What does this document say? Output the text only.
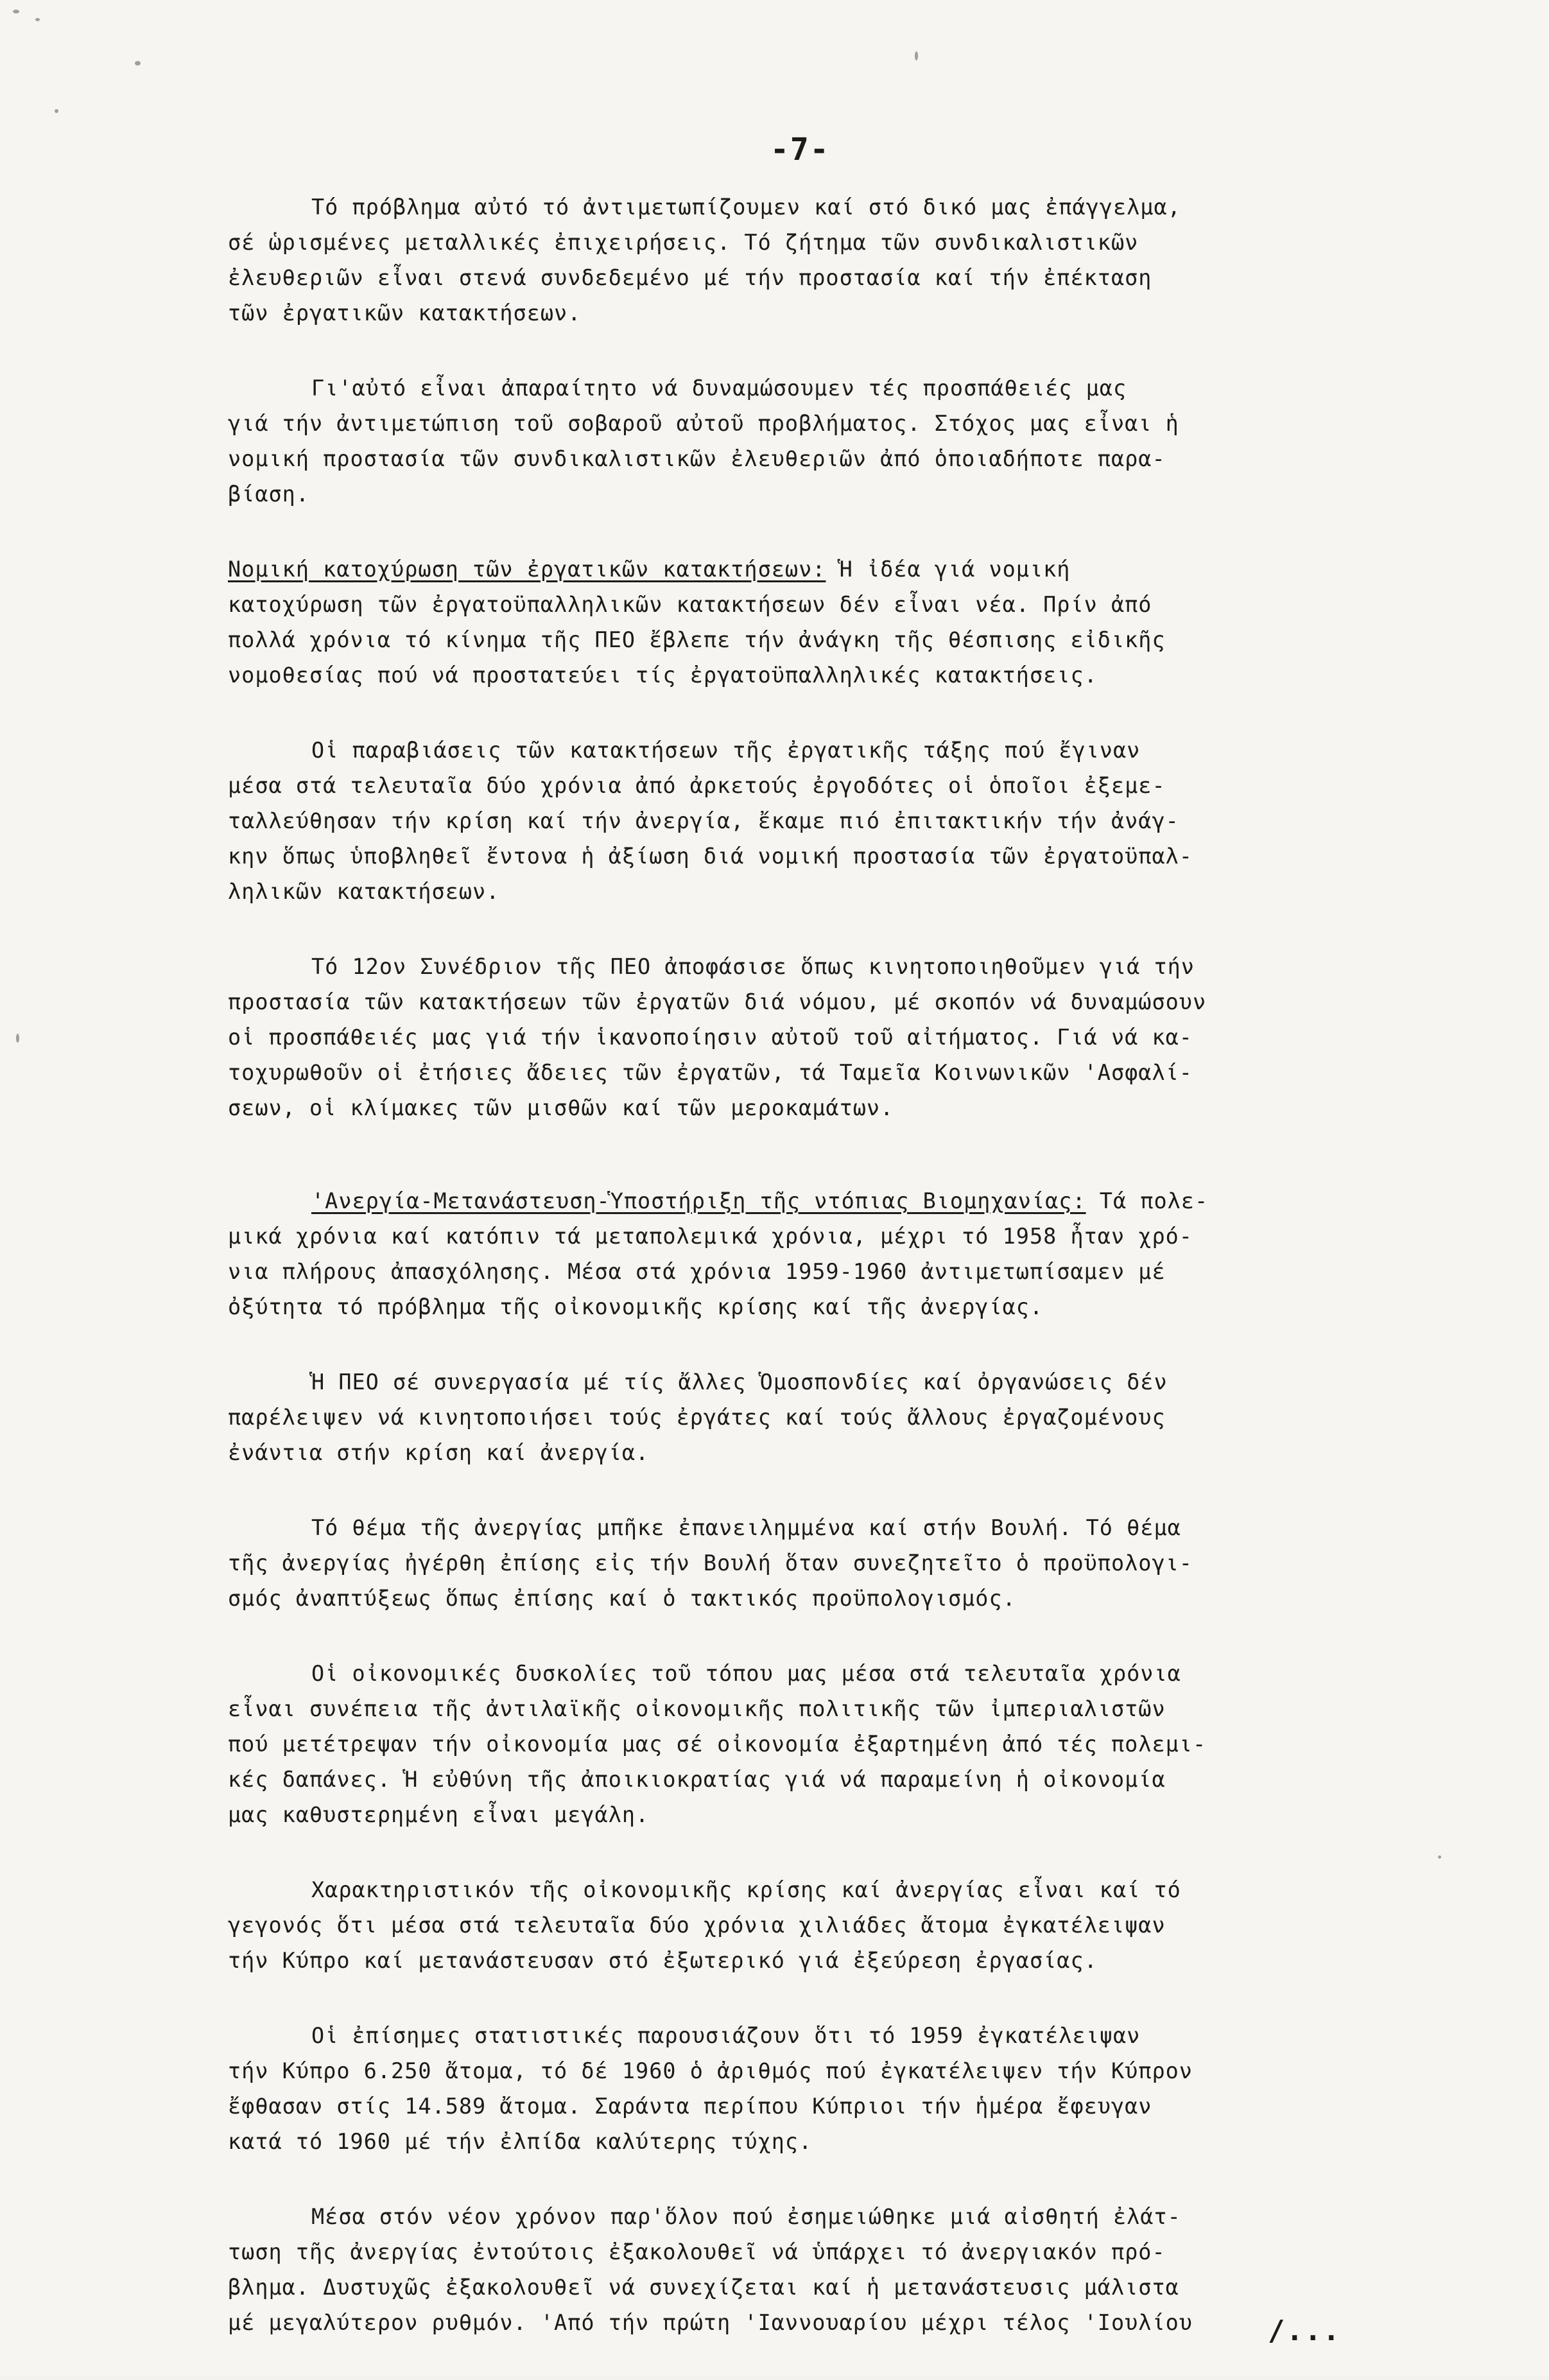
-7-
Τό πρόβλημα αὐτό τό ἀντιμετωπίζουμεν καί στό δικό μας ἐπάγγελμα,
σέ ὡρισμένες μεταλλικές ἐπιχειρήσεις. Τό ζήτημα τῶν συνδικαλιστικῶν
ἐλευθεριῶν εἶναι στενά συνδεδεμένο μέ τήν προστασία καί τήν ἐπέκταση
τῶν ἐργατικῶν κατακτήσεων.
Γι'αὐτό εἶναι ἀπαραίτητο νά δυναμώσουμεν τές προσπάθειές μας
γιά τήν ἀντιμετώπιση τοῦ σοβαροῦ αὐτοῦ προβλήματος. Στόχος μας εἶναι ἡ
νομική προστασία τῶν συνδικαλιστικῶν ἐλευθεριῶν ἀπό ὁποιαδήποτε παρα-
βίαση.
Νομική κατοχύρωση τῶν ἐργατικῶν κατακτήσεων: Ἡ ἰδέα γιά νομική
κατοχύρωση τῶν ἐργατοϋπαλληλικῶν κατακτήσεων δέν εἶναι νέα. Πρίν ἀπό
πολλά χρόνια τό κίνημα τῆς ΠΕΟ ἔβλεπε τήν ἀνάγκη τῆς θέσπισης εἰδικῆς
νομοθεσίας πού νά προστατεύει τίς ἐργατοϋπαλληλικές κατακτήσεις.
Οἱ παραβιάσεις τῶν κατακτήσεων τῆς ἐργατικῆς τάξης πού ἔγιναν
μέσα στά τελευταῖα δύο χρόνια ἀπό ἀρκετούς ἐργοδότες οἱ ὁποῖοι ἐξεμε-
ταλλεύθησαν τήν κρίση καί τήν ἀνεργία, ἔκαμε πιό ἐπιτακτικήν τήν ἀνάγ-
κην ὅπως ὑποβληθεῖ ἔντονα ἡ ἀξίωση διά νομική προστασία τῶν ἐργατοϋπαλ-
ληλικῶν κατακτήσεων.
Τό 12ον Συνέδριον τῆς ΠΕΟ ἀποφάσισε ὅπως κινητοποιηθοῦμεν γιά τήν
προστασία τῶν κατακτήσεων τῶν ἐργατῶν διά νόμου, μέ σκοπόν νά δυναμώσουν
οἱ προσπάθειές μας γιά τήν ἱκανοποίησιν αὐτοῦ τοῦ αἰτήματος. Γιά νά κα-
τοχυρωθοῦν οἱ ἐτήσιες ἄδειες τῶν ἐργατῶν, τά Ταμεῖα Κοινωνικῶν 'Ασφαλί-
σεων, οἱ κλίμακες τῶν μισθῶν καί τῶν μεροκαμάτων.
'Ανεργία-Μετανάστευση-Ὑποστήριξη τῆς ντόπιας Βιομηχανίας: Τά πολε-
μικά χρόνια καί κατόπιν τά μεταπολεμικά χρόνια, μέχρι τό 1958 ἦταν χρό-
νια πλήρους ἀπασχόλησης. Μέσα στά χρόνια 1959-1960 ἀντιμετωπίσαμεν μέ
ὀξύτητα τό πρόβλημα τῆς οἰκονομικῆς κρίσης καί τῆς ἀνεργίας.
Ἡ ΠΕΟ σέ συνεργασία μέ τίς ἄλλες Ὁμοσπονδίες καί ὀργανώσεις δέν
παρέλειψεν νά κινητοποιήσει τούς ἐργάτες καί τούς ἄλλους ἐργαζομένους
ἐνάντια στήν κρίση καί ἀνεργία.
Τό θέμα τῆς ἀνεργίας μπῆκε ἐπανειλημμένα καί στήν Βουλή. Τό θέμα
τῆς ἀνεργίας ἠγέρθη ἐπίσης εἰς τήν Βουλή ὅταν συνεζητεῖτο ὁ προϋπολογι-
σμός ἀναπτύξεως ὅπως ἐπίσης καί ὁ τακτικός προϋπολογισμός.
Οἱ οἰκονομικές δυσκολίες τοῦ τόπου μας μέσα στά τελευταῖα χρόνια
εἶναι συνέπεια τῆς ἀντιλαϊκῆς οἰκονομικῆς πολιτικῆς τῶν ἰμπεριαλιστῶν
πού μετέτρεψαν τήν οἰκονομία μας σέ οἰκονομία ἐξαρτημένη ἀπό τές πολεμι-
κές δαπάνες. Ἡ εὐθύνη τῆς ἀποικιοκρατίας γιά νά παραμείνη ἡ οἰκονομία
μας καθυστερημένη εἶναι μεγάλη.
Χαρακτηριστικόν τῆς οἰκονομικῆς κρίσης καί ἀνεργίας εἶναι καί τό
γεγονός ὅτι μέσα στά τελευταῖα δύο χρόνια χιλιάδες ἄτομα ἐγκατέλειψαν
τήν Κύπρο καί μετανάστευσαν στό ἐξωτερικό γιά ἐξεύρεση ἐργασίας.
Οἱ ἐπίσημες στατιστικές παρουσιάζουν ὅτι τό 1959 ἐγκατέλειψαν
τήν Κύπρο 6.250 ἄτομα, τό δέ 1960 ὁ ἀριθμός πού ἐγκατέλειψεν τήν Κύπρον
ἔφθασαν στίς 14.589 ἄτομα. Σαράντα περίπου Κύπριοι τήν ἡμέρα ἔφευγαν
κατά τό 1960 μέ τήν ἐλπίδα καλύτερης τύχης.
Μέσα στόν νέον χρόνον παρ'ὅλον πού ἐσημειώθηκε μιά αἰσθητή ἐλάτ-
τωση τῆς ἀνεργίας ἐντούτοις ἐξακολουθεῖ νά ὑπάρχει τό ἀνεργιακόν πρό-
βλημα. Δυστυχῶς ἐξακολουθεῖ νά συνεχίζεται καί ἡ μετανάστευσις μάλιστα
μέ μεγαλύτερον ρυθμόν. 'Από τήν πρώτη 'Ιαννουαρίου μέχρι τέλος 'Ιουλίου	/...
